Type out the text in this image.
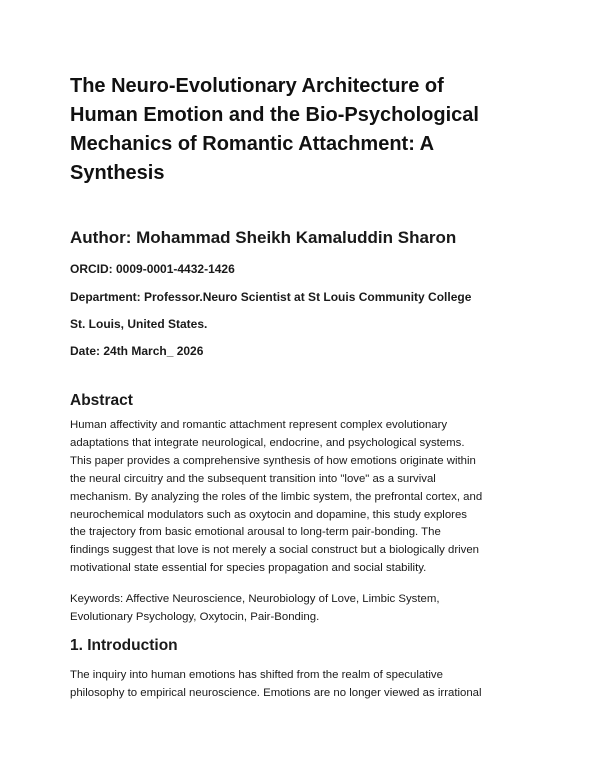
The Neuro-Evolutionary Architecture of
Human Emotion and the Bio-Psychological
Mechanics of Romantic Attachment: A
Synthesis
Author: Mohammad Sheikh Kamaluddin Sharon
ORCID: 0009-0001-4432-1426
Department: Professor.Neuro Scientist at St Louis Community College
St. Louis, United States.
Date: 24th March_ 2026
Abstract
Human affectivity and romantic attachment represent complex evolutionary
adaptations that integrate neurological, endocrine, and psychological systems.
This paper provides a comprehensive synthesis of how emotions originate within
the neural circuitry and the subsequent transition into "love" as a survival
mechanism. By analyzing the roles of the limbic system, the prefrontal cortex, and
neurochemical modulators such as oxytocin and dopamine, this study explores
the trajectory from basic emotional arousal to long-term pair-bonding. The
findings suggest that love is not merely a social construct but a biologically driven
motivational state essential for species propagation and social stability.
Keywords: Affective Neuroscience, Neurobiology of Love, Limbic System,
Evolutionary Psychology, Oxytocin, Pair-Bonding.
1. Introduction
The inquiry into human emotions has shifted from the realm of speculative
philosophy to empirical neuroscience. Emotions are no longer viewed as irrational
